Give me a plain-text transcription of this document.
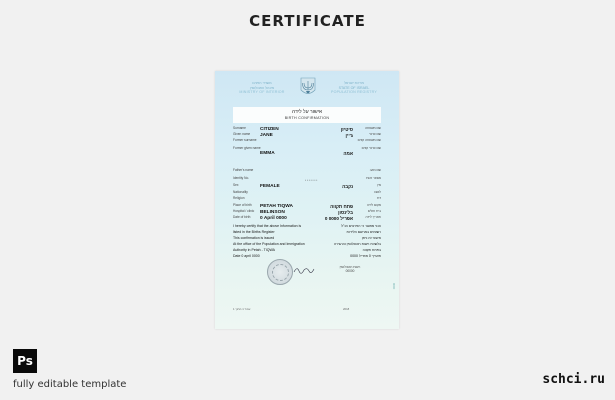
CERTIFICATE
משרד הפנים
מינהל האוכלוסין
MINISTRY OF INTERIOR
מדינת ישראל
STATE OF ISRAEL
POPULATION REGISTRY
אישור על לידה
BIRTH CONFIRMATION
Surname	CITIZEN	סיטיזן	שם משפחה
Given name	JANE	ג'יין	שם פרטי
Former surname	שם משפחה קודם
Former given name	שם פרטי קודם
EMMA	אמה
Father's name	שם האב
Identity No.	• • • • • • •	מספר זהות
Sex	FEMALE	נקבה	מין
Nationality	לאום
Religion	דת
Place of birth	PETAH TIQWA	פתח תקווה	מקום לידה
Hospital / clinic	BELINSON	בלינסון	בית חולים
Date of birth	0 April 0000	0 אפריל 0000	תאריך לידה
I hereby certify that the above Information is
listed in the Births Register
This confirmation is issued
At the office of the Population and Immigration
Authority in Petah - TIQWA
Date 0 april 0000
הנני מאשר כי הפרטים הנ"ל
רשומים במרשם הלידות
אישור זה ניתן
בלשכת רשות האוכלוסין וההגירה
בפתח תקווה
תאריך 0 אפריל 0000
רשות האוכלוסין
00000
עמוד 1 מתוך 1	2018
0000
Ps
fully editable template	schci.ru
